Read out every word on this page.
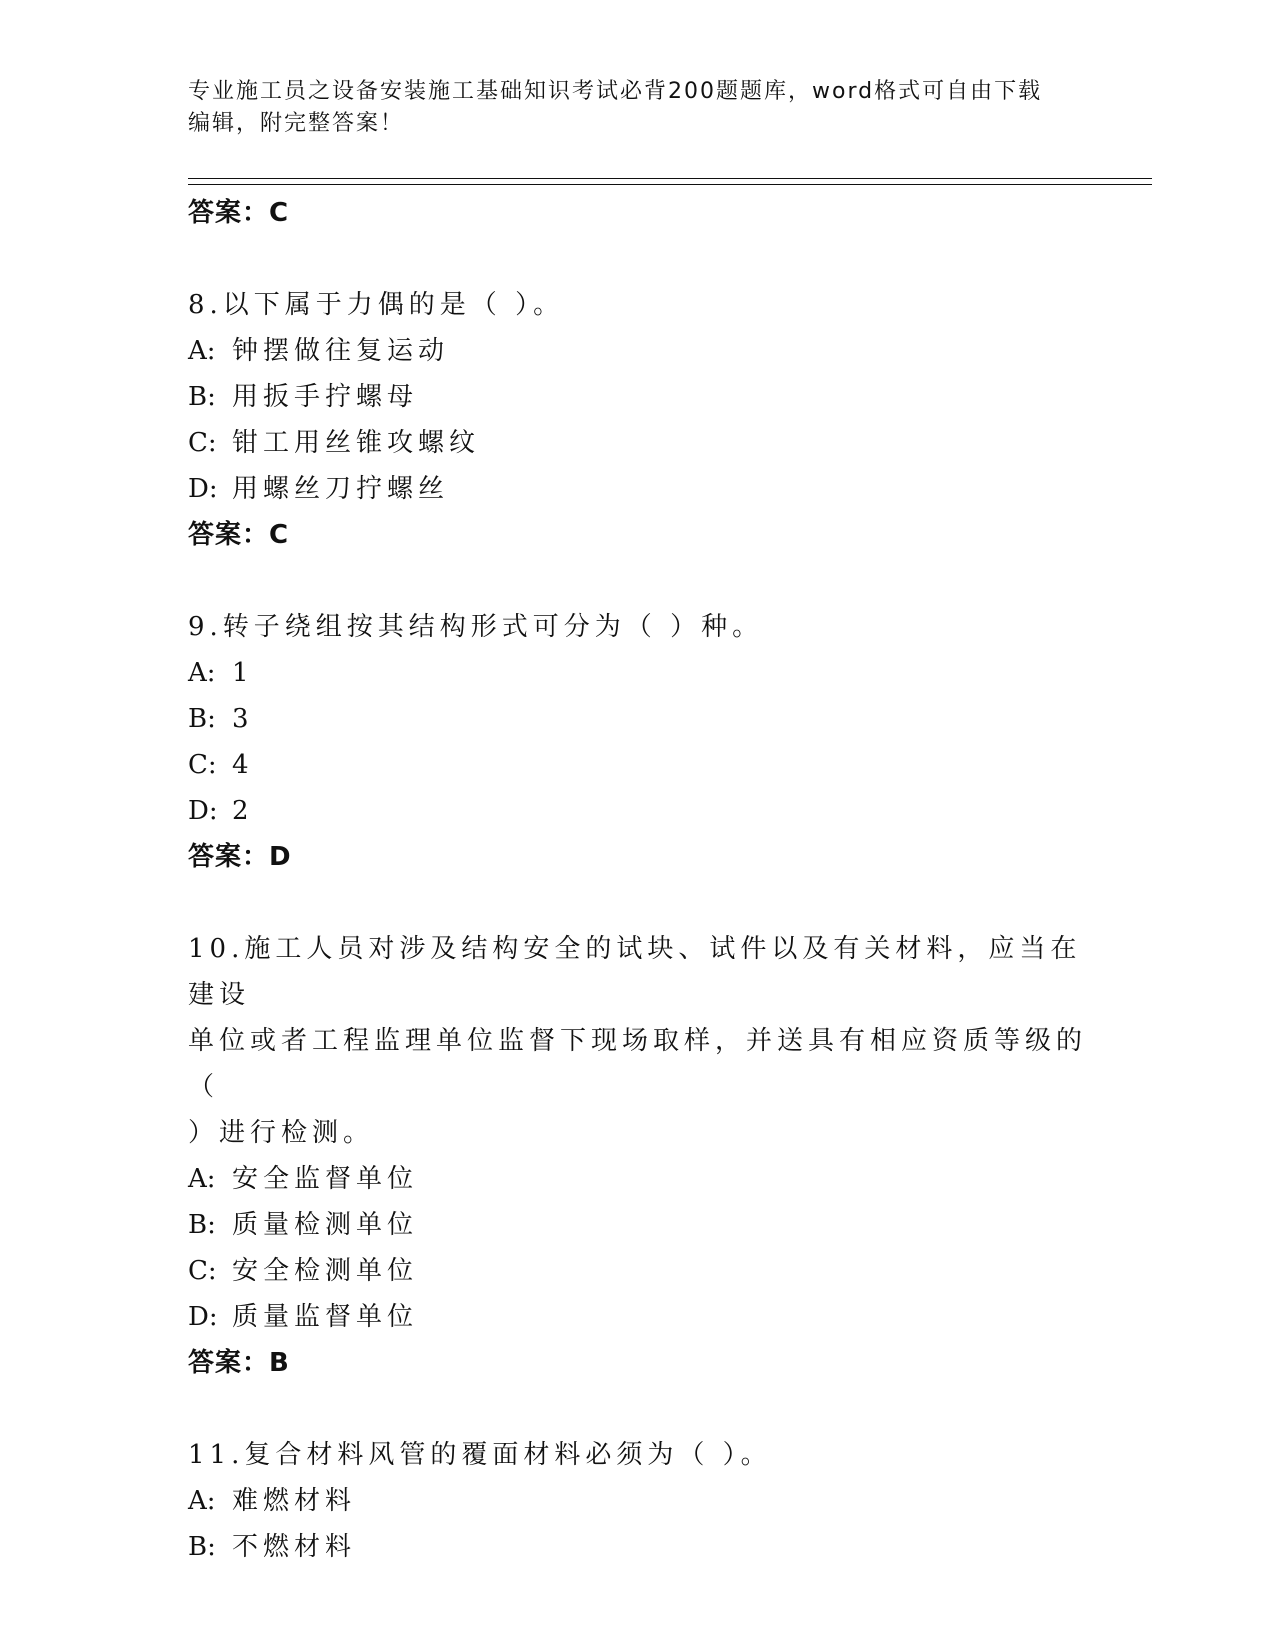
专业施工员之设备安装施工基础知识考试必背200题题库，word格式可自由下载
编辑，附完整答案！
答案：C
8.以下属于力偶的是（ ）。
A: 钟摆做往复运动
B: 用扳手拧螺母
C: 钳工用丝锥攻螺纹
D: 用螺丝刀拧螺丝
答案：C
9.转子绕组按其结构形式可分为（ ）种。
A: 1
B: 3
C: 4
D: 2
答案：D
10.施工人员对涉及结构安全的试块、试件以及有关材料，应当在建设
单位或者工程监理单位监督下现场取样，并送具有相应资质等级的（
）进行检测。
A: 安全监督单位
B: 质量检测单位
C: 安全检测单位
D: 质量监督单位
答案：B
11.复合材料风管的覆面材料必须为（ ）。
A: 难燃材料
B: 不燃材料
